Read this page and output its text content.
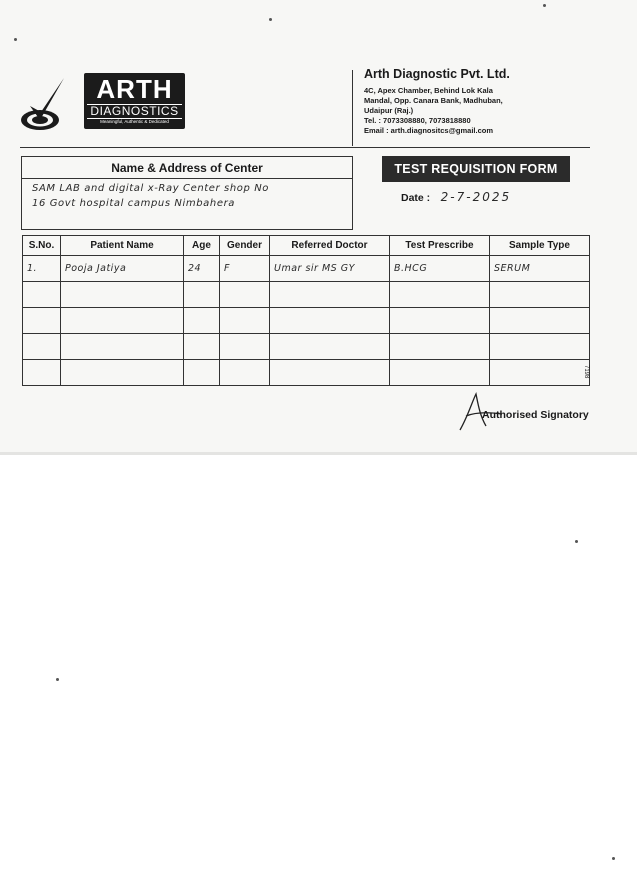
ARTH
DIAGNOSTICS
Meaningful, Authentic & Dedicated
Arth Diagnostic Pvt. Ltd.
4C, Apex Chamber, Behind Lok Kala
Mandal, Opp. Canara Bank, Madhuban,
Udaipur (Raj.)
Tel. : 7073308880, 7073818880
Email : arth.diagnositcs@gmail.com
Name & Address of Center
SAM LAB and digital x-Ray Center shop No
16 Govt hospital campus Nimbahera
TEST REQUISITION FORM
Date : 2-7-2025
S.No.	Patient Name	Age	Gender	Referred Doctor	Test Prescribe	Sample Type
1.	Pooja Jatiya	24	F	Umar sir MS GY	B.HCG	SERUM

7198
Authorised Signatory
